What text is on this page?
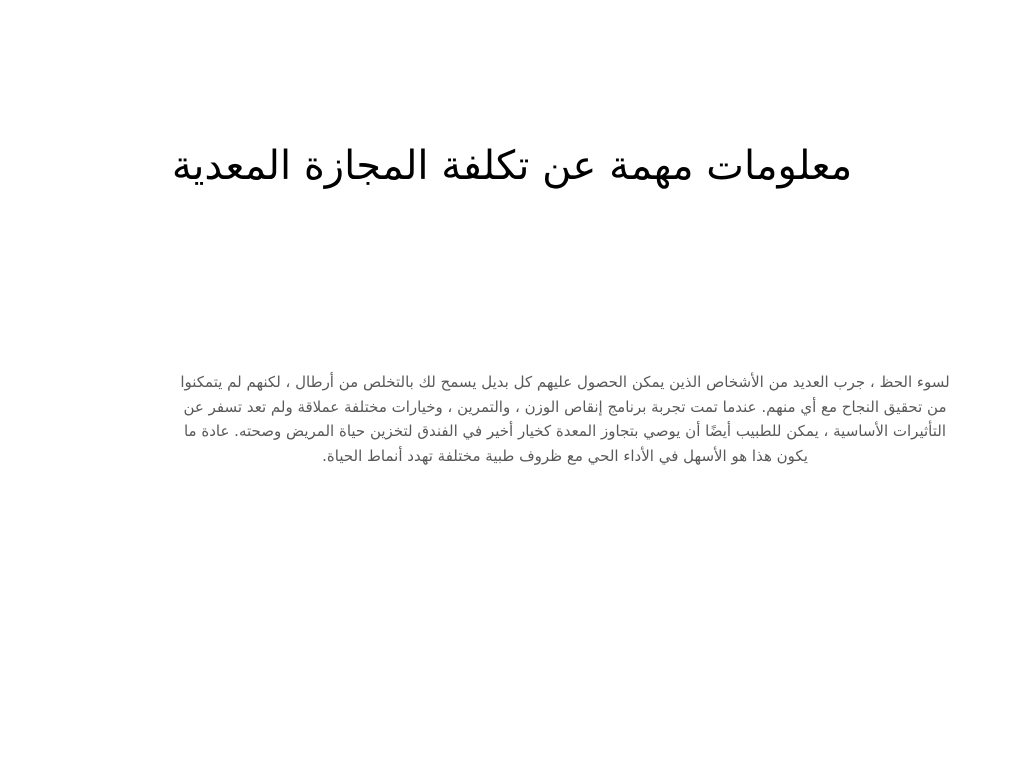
معلومات مهمة عن تكلفة المجازة المعدية

لسوء الحظ ، جرب العديد من الأشخاص الذين يمكن الحصول عليهم كل بديل يسمح لك بالتخلص من أرطال ، لكنهم لم يتمكنوا من تحقيق النجاح مع أي منهم. عندما تمت تجربة برنامج إنقاص الوزن ، والتمرين ، وخيارات مختلفة عملاقة ولم تعد تسفر عن التأثيرات الأساسية ، يمكن للطبيب أيضًا أن يوصي بتجاوز المعدة كخيار أخير في الفندق لتخزين حياة المريض وصحته. عادة ما يكون هذا هو الأسهل في الأداء الحي مع ظروف طبية مختلفة تهدد أنماط الحياة.
